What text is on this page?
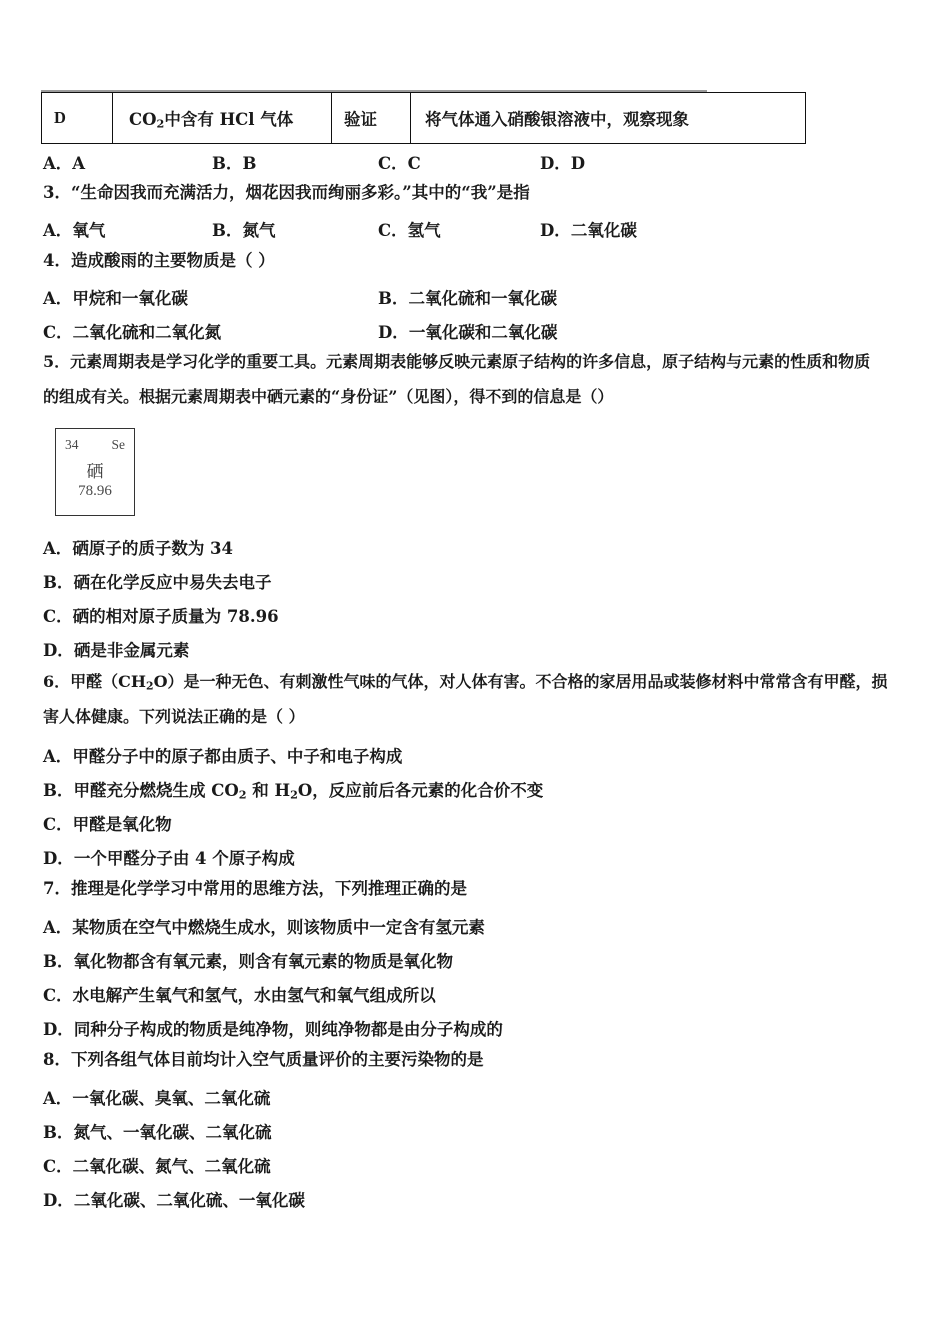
D	$CO_2$中含有 HCl 气体	验证	将气体通入硝酸银溶液中，观察现象
A．A	B．B	C．C	D．D
3．“生命因我而充满活力，烟花因我而绚丽多彩。”其中的“我”是指
A．氧气	B．氮气	C．氢气	D．二氧化碳
4．造成酸雨的主要物质是（ ）
A．甲烷和一氧化碳	B．二氧化硫和一氧化碳
C．二氧化硫和二氧化氮	D．一氧化碳和二氧化碳
5．元素周期表是学习化学的重要工具。元素周期表能够反映元素原子结构的许多信息，原子结构与元素的性质和物质
的组成有关。根据元素周期表中硒元素的“身份证”（见图），得不到的信息是（）
34 Se
硒
78.96
A．硒原子的质子数为 34
B．硒在化学反应中易失去电子
C．硒的相对原子质量为 78.96
D．硒是非金属元素
6．甲醛$(CH_2O)$是一种无色、有刺激性气味的气体，对人体有害。不合格的家居用品或装修材料中常常含有甲醛，损
害人体健康。下列说法正确的是（ ）
A．甲醛分子中的原子都由质子、中子和电子构成
B．甲醛充分燃烧生成 $CO_2$ 和 $H_2O$，反应前后各元素的化合价不变
C．甲醛是氧化物
D．一个甲醛分子由 4 个原子构成
7．推理是化学学习中常用的思维方法，下列推理正确的是
A．某物质在空气中燃烧生成水，则该物质中一定含有氢元素
B．氧化物都含有氧元素，则含有氧元素的物质是氧化物
C．水电解产生氧气和氢气，水由氢气和氧气组成所以
D．同种分子构成的物质是纯净物，则纯净物都是由分子构成的
8．下列各组气体目前均计入空气质量评价的主要污染物的是
A．一氧化碳、臭氧、二氧化硫
B．氮气、一氧化碳、二氧化硫
C．二氧化碳、氮气、二氧化硫
D．二氧化碳、二氧化硫、一氧化碳
